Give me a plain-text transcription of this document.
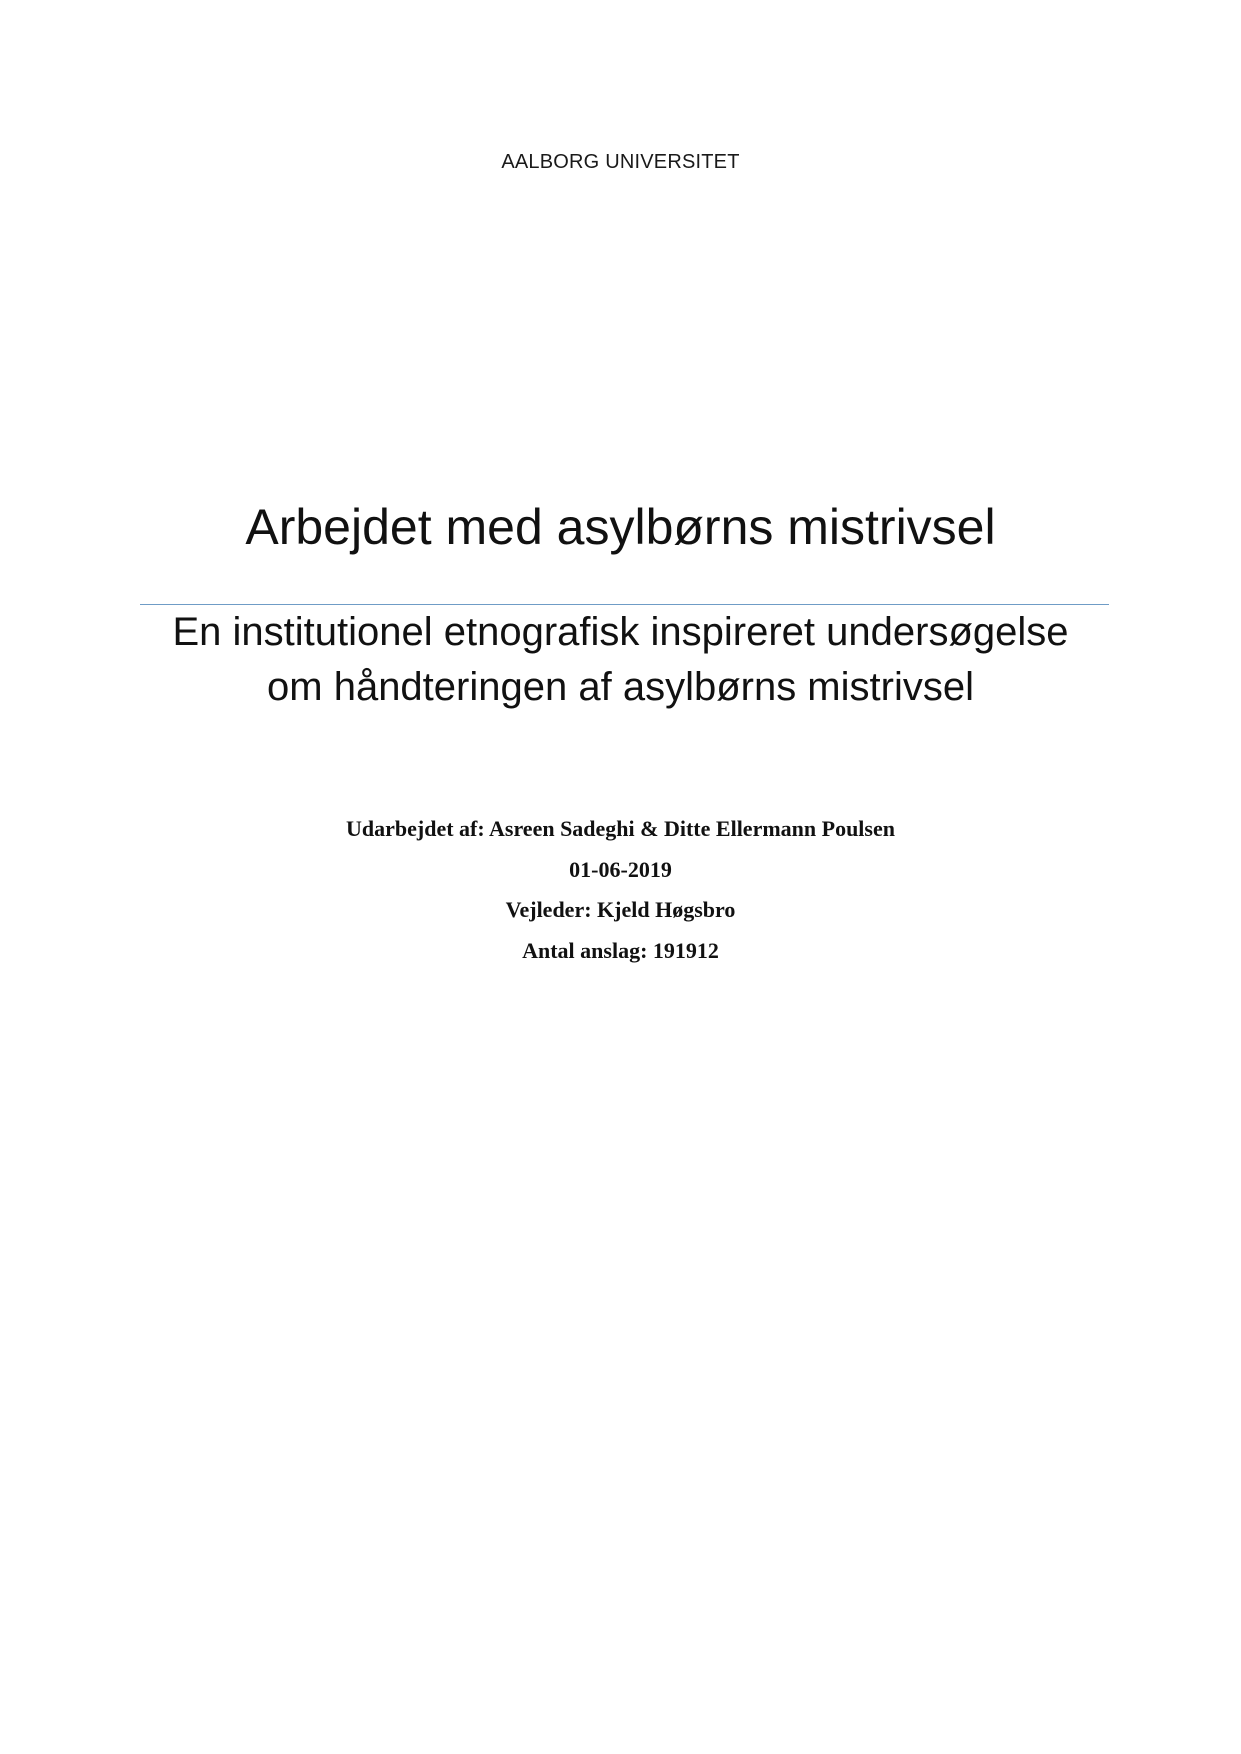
AALBORG UNIVERSITET
Arbejdet med asylbørns mistrivsel
En institutionel etnografisk inspireret undersøgelse om håndteringen af asylbørns mistrivsel
Udarbejdet af: Asreen Sadeghi & Ditte Ellermann Poulsen
01-06-2019
Vejleder: Kjeld Høgsbro
Antal anslag: 191912
